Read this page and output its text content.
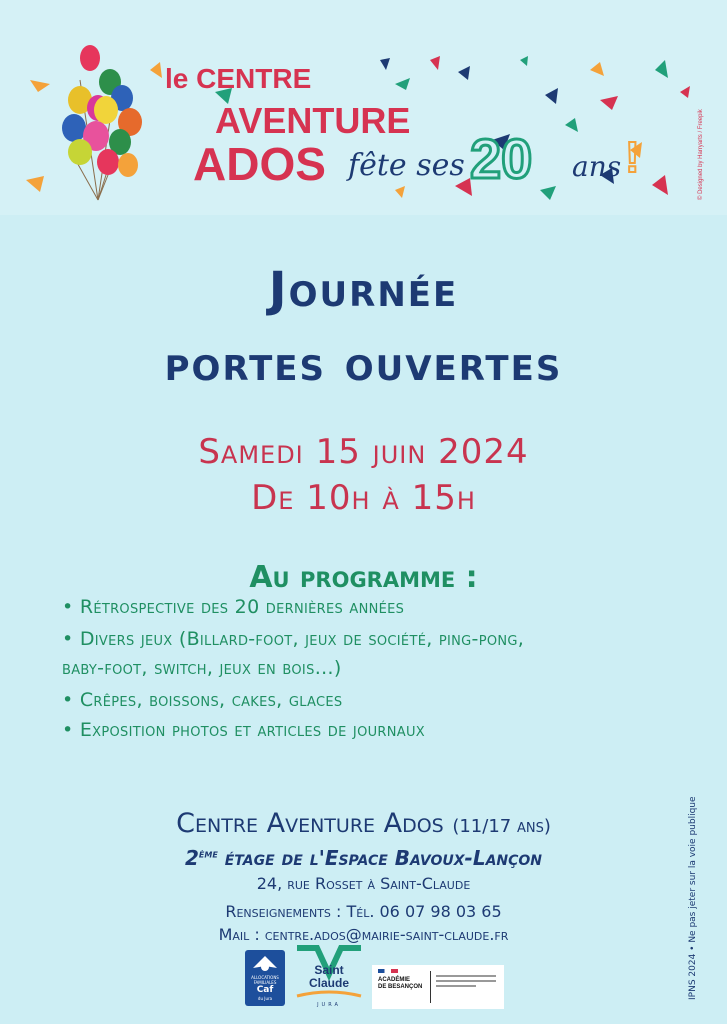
le CENTRE
AVENTURE
ADOS fête ses 20 ans !	© Designed by Harryarts / Freepik
Journée
portes ouvertes
Samedi 15 juin 2024
De 10h à 15h
Au programme :
• Rétrospective des 20 dernières années
• Divers jeux (Billard-foot, jeux de société, ping-pong,
baby-foot, switch, jeux en bois…)
• Crêpes, boissons, cakes, glaces
• Exposition photos et articles de journaux
Centre Aventure Ados (11/17 ans)
2ème étage de l'Espace Bavoux-Lançon
24, rue Rosset à Saint-Claude
Renseignements : Tél. 06 07 98 03 65
Mail : centre.ados@mairie-saint-claude.fr	IPNS 2024 • Ne pas jeter sur la voie publique
ALLOCATIONS
FAMILIALES
Caf
du Jura
Saint
Claude
JURA
ACADÉMIE
DE BESANÇON
